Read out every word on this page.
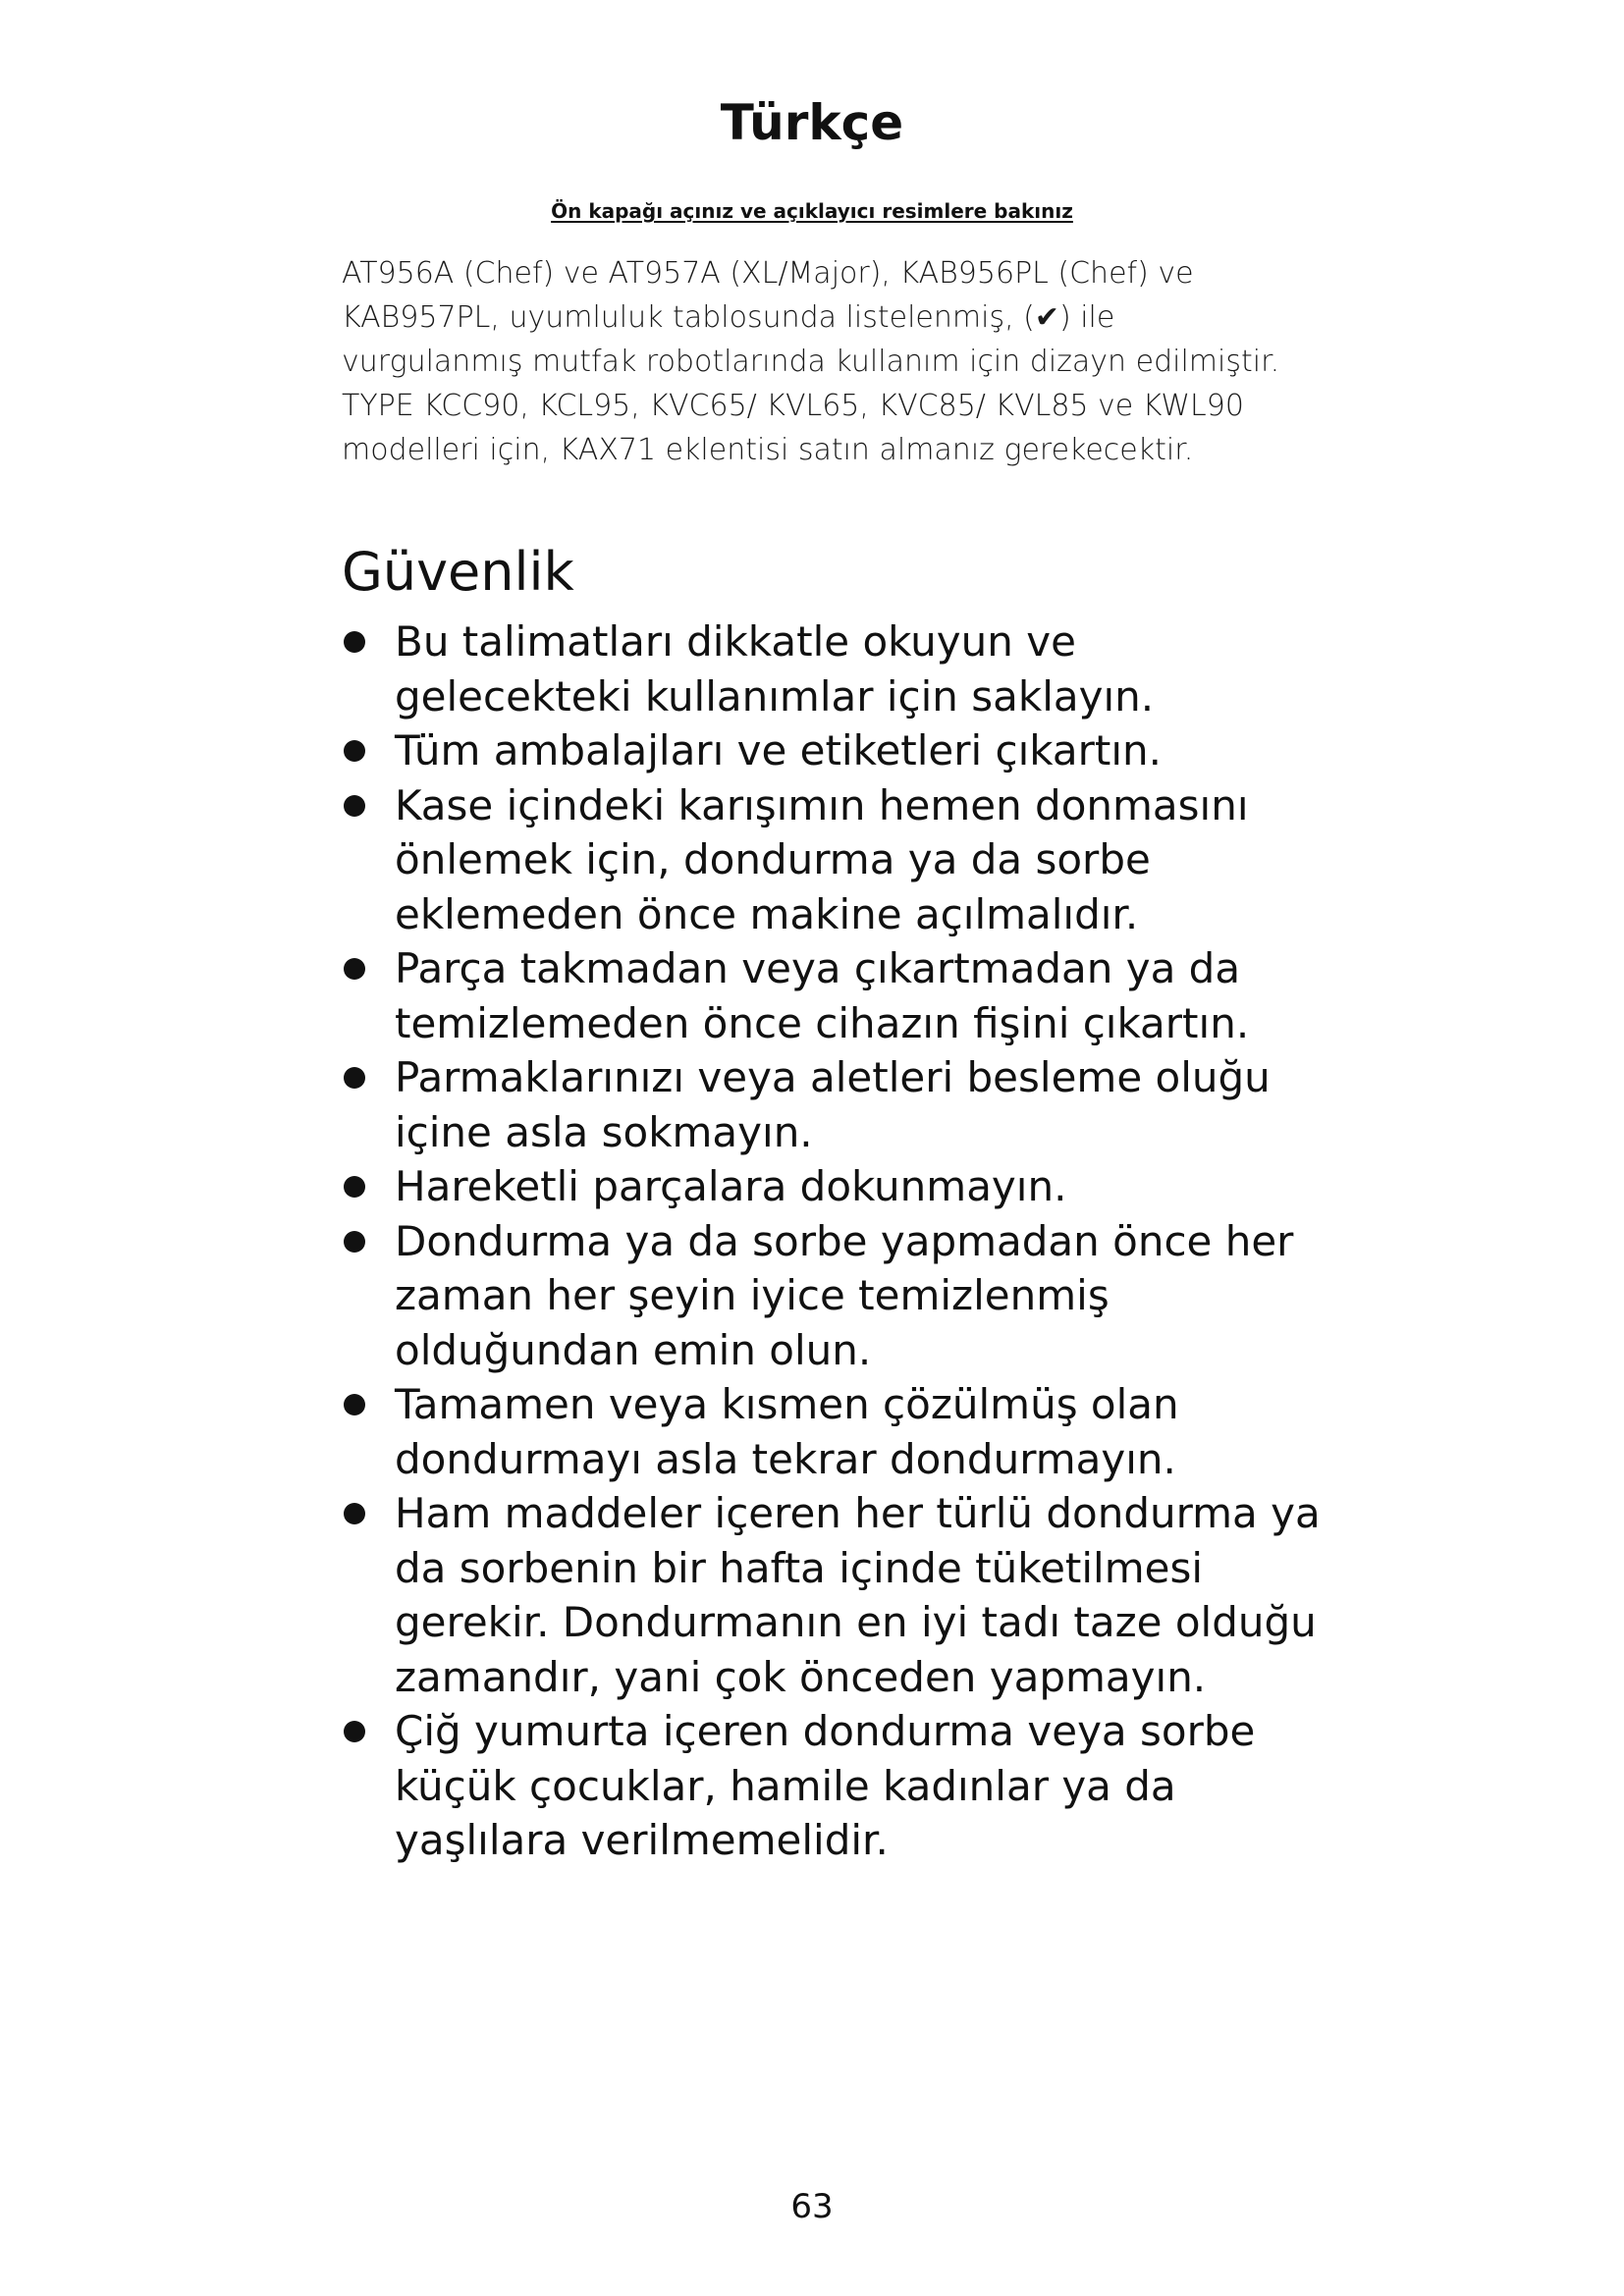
Türkçe
Ön kapağı açınız ve açıklayıcı resimlere bakınız

AT956A (Chef) ve AT957A (XL/Major), KAB956PL (Chef) ve KAB957PL, uyumluluk tablosunda listelenmiş, (✔) ile vurgulanmış mutfak robotlarında kullanım için dizayn edilmiştir. TYPE KCC90, KCL95, KVC65/ KVL65, KVC85/ KVL85 ve KWL90 modelleri için, KAX71 eklentisi satın almanız gerekecektir.

Güvenlik
Bu talimatları dikkatle okuyun ve gelecekteki kullanımlar için saklayın.
Tüm ambalajları ve etiketleri çıkartın.
Kase içindeki karışımın hemen donmasını önlemek için, dondurma ya da sorbe eklemeden önce makine açılmalıdır.
Parça takmadan veya çıkartmadan ya da temizlemeden önce cihazın fişini çıkartın.
Parmaklarınızı veya aletleri besleme oluğu içine asla sokmayın.
Hareketli parçalara dokunmayın.
Dondurma ya da sorbe yapmadan önce her zaman her şeyin iyice temizlenmiş olduğundan emin olun.
Tamamen veya kısmen çözülmüş olan dondurmayı asla tekrar dondurmayın.
Ham maddeler içeren her türlü dondurma ya da sorbenin bir hafta içinde tüketilmesi gerekir. Dondurmanın en iyi tadı taze olduğu zamandır, yani çok önceden yapmayın.
Çiğ yumurta içeren dondurma veya sorbe küçük çocuklar, hamile kadınlar ya da yaşlılara verilmemelidir.
63
